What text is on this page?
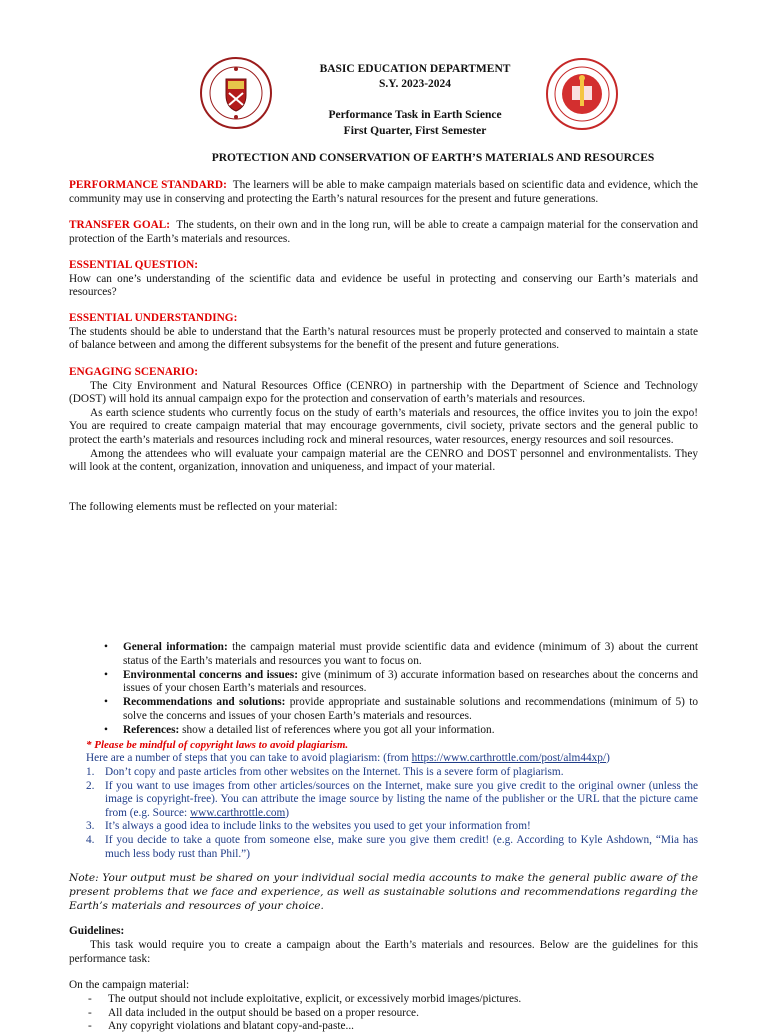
BASIC EDUCATION DEPARTMENT
S.Y. 2023-2024
Performance Task in Earth Science
First Quarter, First Semester
PROTECTION AND CONSERVATION OF EARTH’S MATERIALS AND RESOURCES
PERFORMANCE STANDARD: The learners will be able to make campaign materials based on scientific data and evidence, which the community may use in conserving and protecting the Earth’s natural resources for the present and future generations.
TRANSFER GOAL: The students, on their own and in the long run, will be able to create a campaign material for the conservation and protection of the Earth’s materials and resources.
ESSENTIAL QUESTION:
How can one’s understanding of the scientific data and evidence be useful in protecting and conserving our Earth’s materials and resources?
ESSENTIAL UNDERSTANDING:
The students should be able to understand that the Earth’s natural resources must be properly protected and conserved to maintain a state of balance between and among the different subsystems for the benefit of the present and future generations.
ENGAGING SCENARIO:
The City Environment and Natural Resources Office (CENRO) in partnership with the Department of Science and Technology (DOST) will hold its annual campaign expo for the protection and conservation of earth’s materials and resources.
As earth science students who currently focus on the study of earth’s materials and resources, the office invites you to join the expo! You are required to create campaign material that may encourage governments, civil society, private sectors and the general public to protect the earth’s materials and resources including rock and mineral resources, water resources, energy resources and soil resources.
Among the attendees who will evaluate your campaign material are the CENRO and DOST personnel and environmentalists. They will look at the content, organization, innovation and uniqueness, and impact of your material.
The following elements must be reflected on your material:
• General information: the campaign material must provide scientific data and evidence (minimum of 3) about the current status of the Earth’s materials and resources you want to focus on.
• Environmental concerns and issues: give (minimum of 3) accurate information based on researches about the concerns and issues of your chosen Earth’s materials and resources.
• Recommendations and solutions: provide appropriate and sustainable solutions and recommendations (minimum of 5) to solve the concerns and issues of your chosen Earth’s materials and resources.
• References: show a detailed list of references where you got all your information.
* Please be mindful of copyright laws to avoid plagiarism.
Here are a number of steps that you can take to avoid plagiarism: (from https://www.carthrottle.com/post/alm44xp/)
1. Don’t copy and paste articles from other websites on the Internet. This is a severe form of plagiarism.
2. If you want to use images from other articles/sources on the Internet, make sure you give credit to the original owner (unless the image is copyright-free). You can attribute the image source by listing the name of the publisher or the URL that the picture came from (e.g. Source: www.carthrottle.com)
3. It’s always a good idea to include links to the websites you used to get your information from!
4. If you decide to take a quote from someone else, make sure you give them credit! (e.g. According to Kyle Ashdown, “Mia has much less body rust than Phil.”)
Note: Your output must be shared on your individual social media accounts to make the general public aware of the present problems that we face and experience, as well as sustainable solutions and recommendations regarding the Earth’s materials and resources of your choice.
Guidelines:
This task would require you to create a campaign about the Earth’s materials and resources. Below are the guidelines for this performance task:
On the campaign material:
- The output should not include exploitative, explicit, or excessively morbid images/pictures.
- All data included in the output should be based on a proper resource.
- Any copyright violations and blatant copy-and-paste...
